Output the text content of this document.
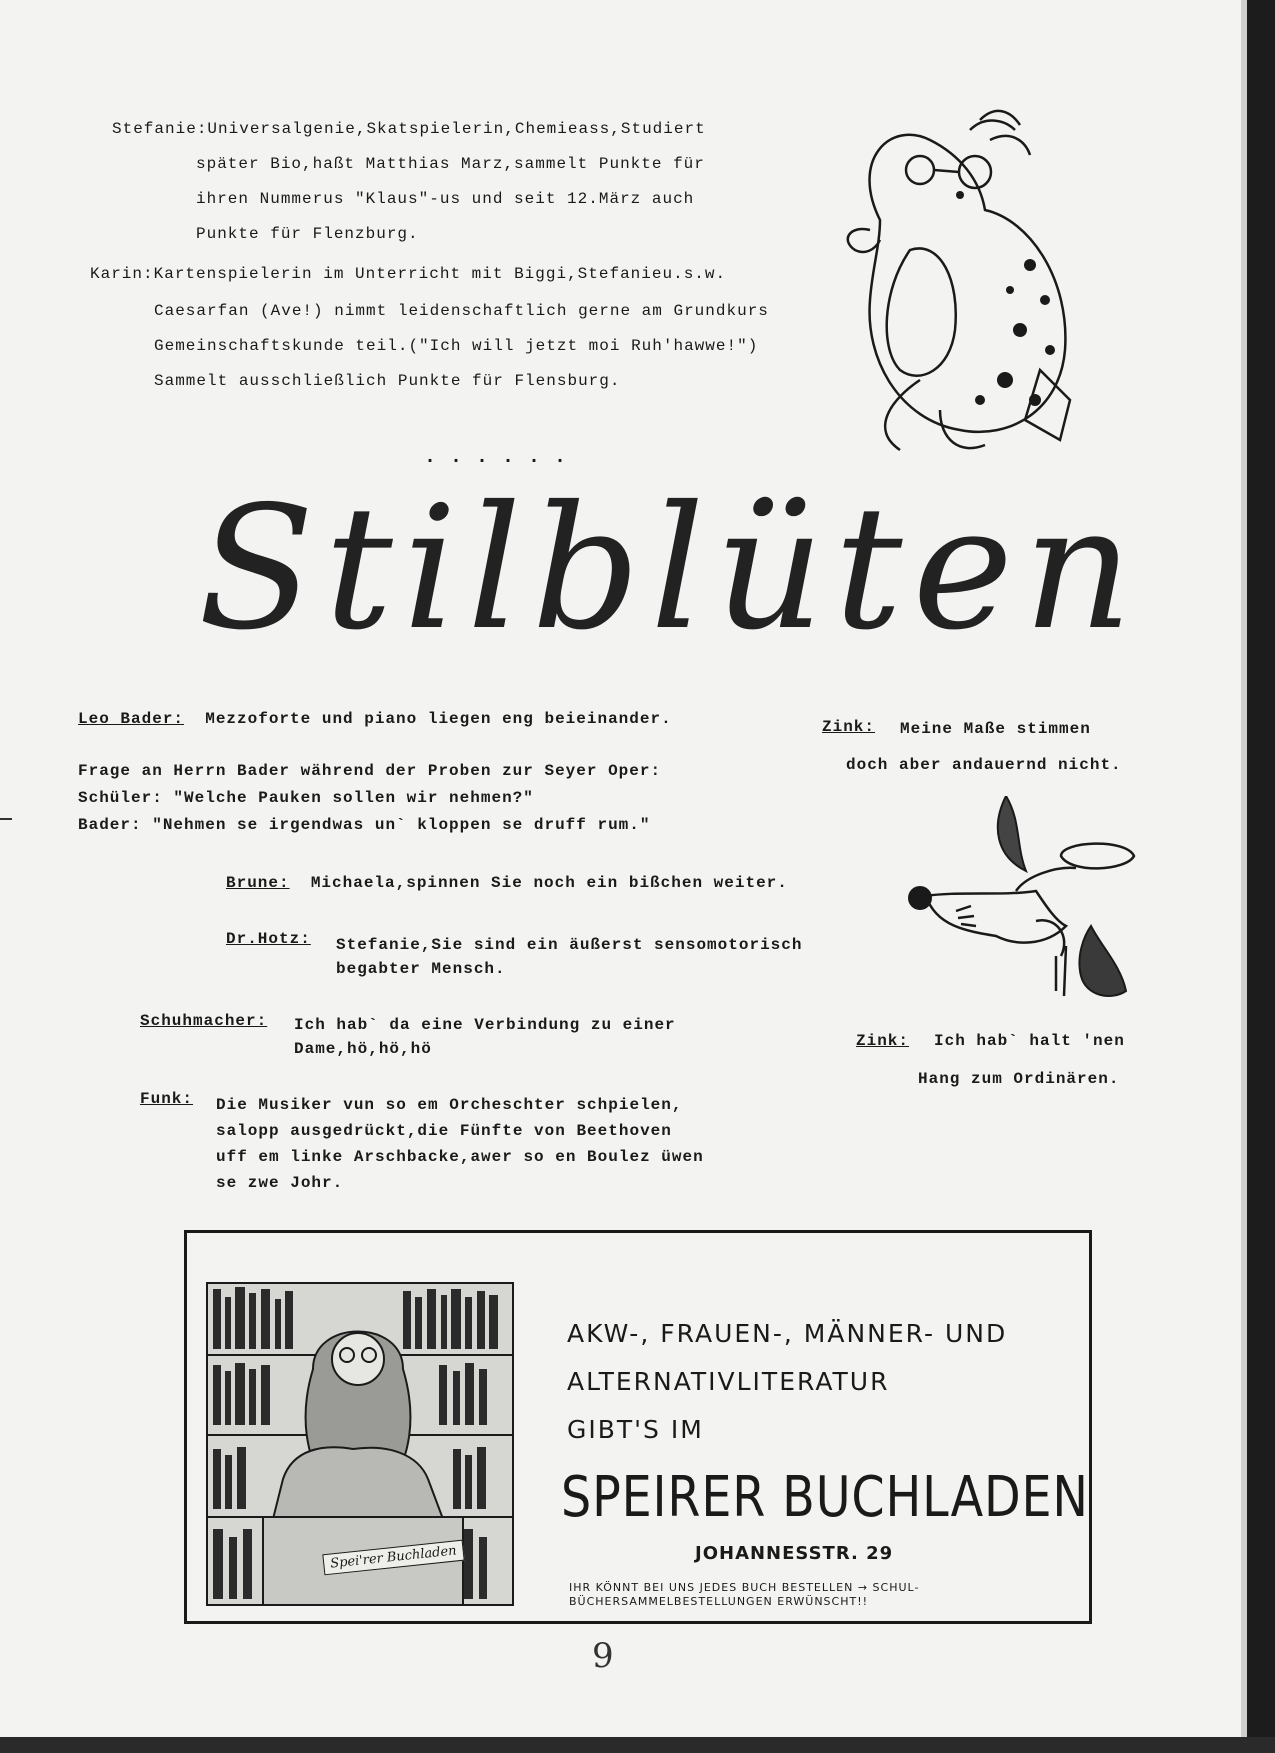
Stefanie:Universalgenie,Skatspielerin,Chemieass,Studiert
später Bio,haßt Matthias Marz,sammelt Punkte für
ihren Nummerus "Klaus"-us und seit 12.März auch
Punkte für Flenzburg.
Karin:Kartenspielerin im Unterricht mit Biggi,Stefanieu.s.w.
Caesarfan (Ave!) nimmt leidenschaftlich gerne am Grundkurs
Gemeinschaftskunde teil.("Ich will jetzt moi Ruh'hawwe!")
Sammelt ausschließlich Punkte für Flensburg.
......
Stilblüten
Leo Bader: Mezzoforte und piano liegen eng beieinander.
Frage an Herrn Bader während der Proben zur Seyer Oper:
Schüler: "Welche Pauken sollen wir nehmen?"
Bader: "Nehmen se irgendwas un` kloppen se druff rum."
Brune: Michaela,spinnen Sie noch ein bißchen weiter.
Dr.Hotz: Stefanie,Sie sind ein äußerst sensomotorisch
begabter Mensch.
Schuhmacher: Ich hab` da eine Verbindung zu einer
Dame,hö,hö,hö
Funk: Die Musiker vun so em Orcheschter schpielen,
salopp ausgedrückt,die Fünfte von Beethoven
uff em linke Arschbacke,awer so en Boulez üwen
se zwe Johr.
Zink: Meine Maße stimmen
doch aber andauernd nicht.
Zink: Ich hab` halt 'nen
Hang zum Ordinären.
Spei'rer Buchladen
AKW-, FRAUEN-, MÄNNER- UND
ALTERNATIVLITERATUR
GIBT'S IM
SPEIRER BUCHLADEN
JOHANNESSTR. 29
IHR KÖNNT BEI UNS JEDES BUCH BESTELLEN → SCHUL-
BÜCHERSAMMELBESTELLUNGEN ERWÜNSCHT!!
9
